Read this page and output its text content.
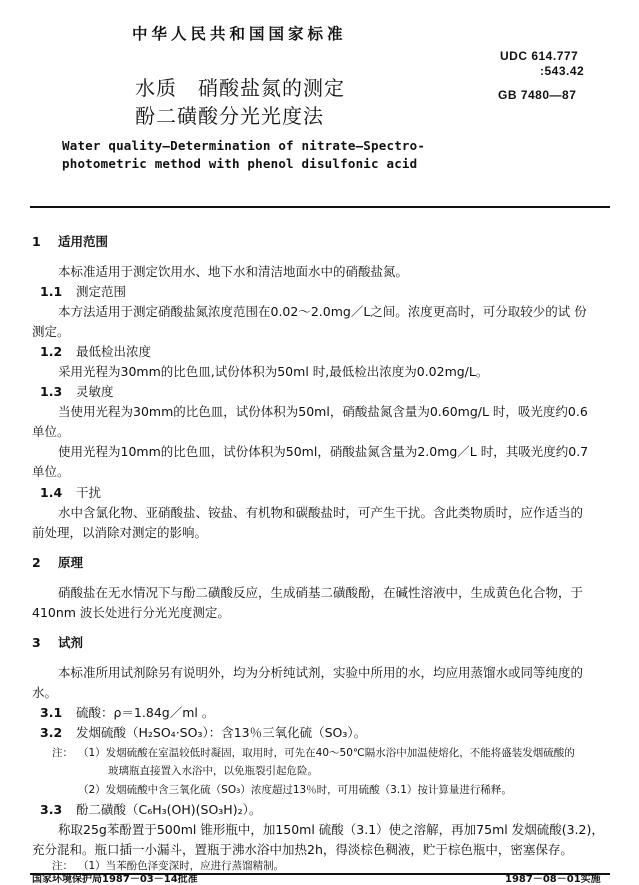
中华人民共和国国家标准
UDC 614.777
:543.42
GB 7480—87
水质　硝酸盐氮的测定
酚二磺酸分光光度法
Water quality—Determination of nitrate—Spectro-
photometric method with phenol disulfonic acid
1 适用范围
本标准适用于测定饮用水、地下水和清洁地面水中的硝酸盐氮。
1.1 测定范围
本方法适用于测定硝酸盐氮浓度范围在0.02～2.0mg／L之间。浓度更高时，可分取较少的试 份
测定。
1.2 最低检出浓度
采用光程为30mm的比色皿,试份体积为50ml 时,最低检出浓度为0.02mg/L。
1.3 灵敏度
当使用光程为30mm的比色皿，试份体积为50ml，硝酸盐氮含量为0.60mg/L 时，吸光度约0.6
单位。
使用光程为10mm的比色皿，试份体积为50ml，硝酸盐氮含量为2.0mg／L 时，其吸光度约0.7
单位。
1.4 干扰
水中含氯化物、亚硝酸盐、铵盐、有机物和碳酸盐时，可产生干扰。含此类物质时，应作适当的
前处理，以消除对测定的影响。
2 原理
硝酸盐在无水情况下与酚二磺酸反应，生成硝基二磺酸酚，在碱性溶液中，生成黄色化合物，于
410nm 波长处进行分光光度测定。
3 试剂
本标准所用试剂除另有说明外，均为分析纯试剂，实验中所用的水，均应用蒸馏水或同等纯度的
水。
3.1 硫酸：ρ＝1.84g／ml 。
3.2 发烟硫酸（H₂SO₄·SO₃）：含13％三氧化硫（SO₃）。
注： （1）发烟硫酸在室温较低时凝固，取用时，可先在40～50℃隔水浴中加温使熔化，不能将盛装发烟硫酸的
玻璃瓶直接置入水浴中，以免瓶裂引起危险。
（2）发烟硫酸中含三氧化硫（SO₃）浓度超过13％时，可用硫酸（3.1）按计算量进行稀释。
3.3 酚二磺酸（C₆H₃(OH)(SO₃H)₂）。
称取25g苯酚置于500ml 锥形瓶中，加150ml 硫酸（3.1）使之溶解，再加75ml 发烟硫酸(3.2)，
充分混和。瓶口插一小漏斗，置瓶于沸水浴中加热2h，得淡棕色稠液，贮于棕色瓶中，密塞保存。
注： （1）当苯酚色泽变深时，应进行蒸馏精制。
国家环境保护局1987－03－14批准	1987－08－01实施
